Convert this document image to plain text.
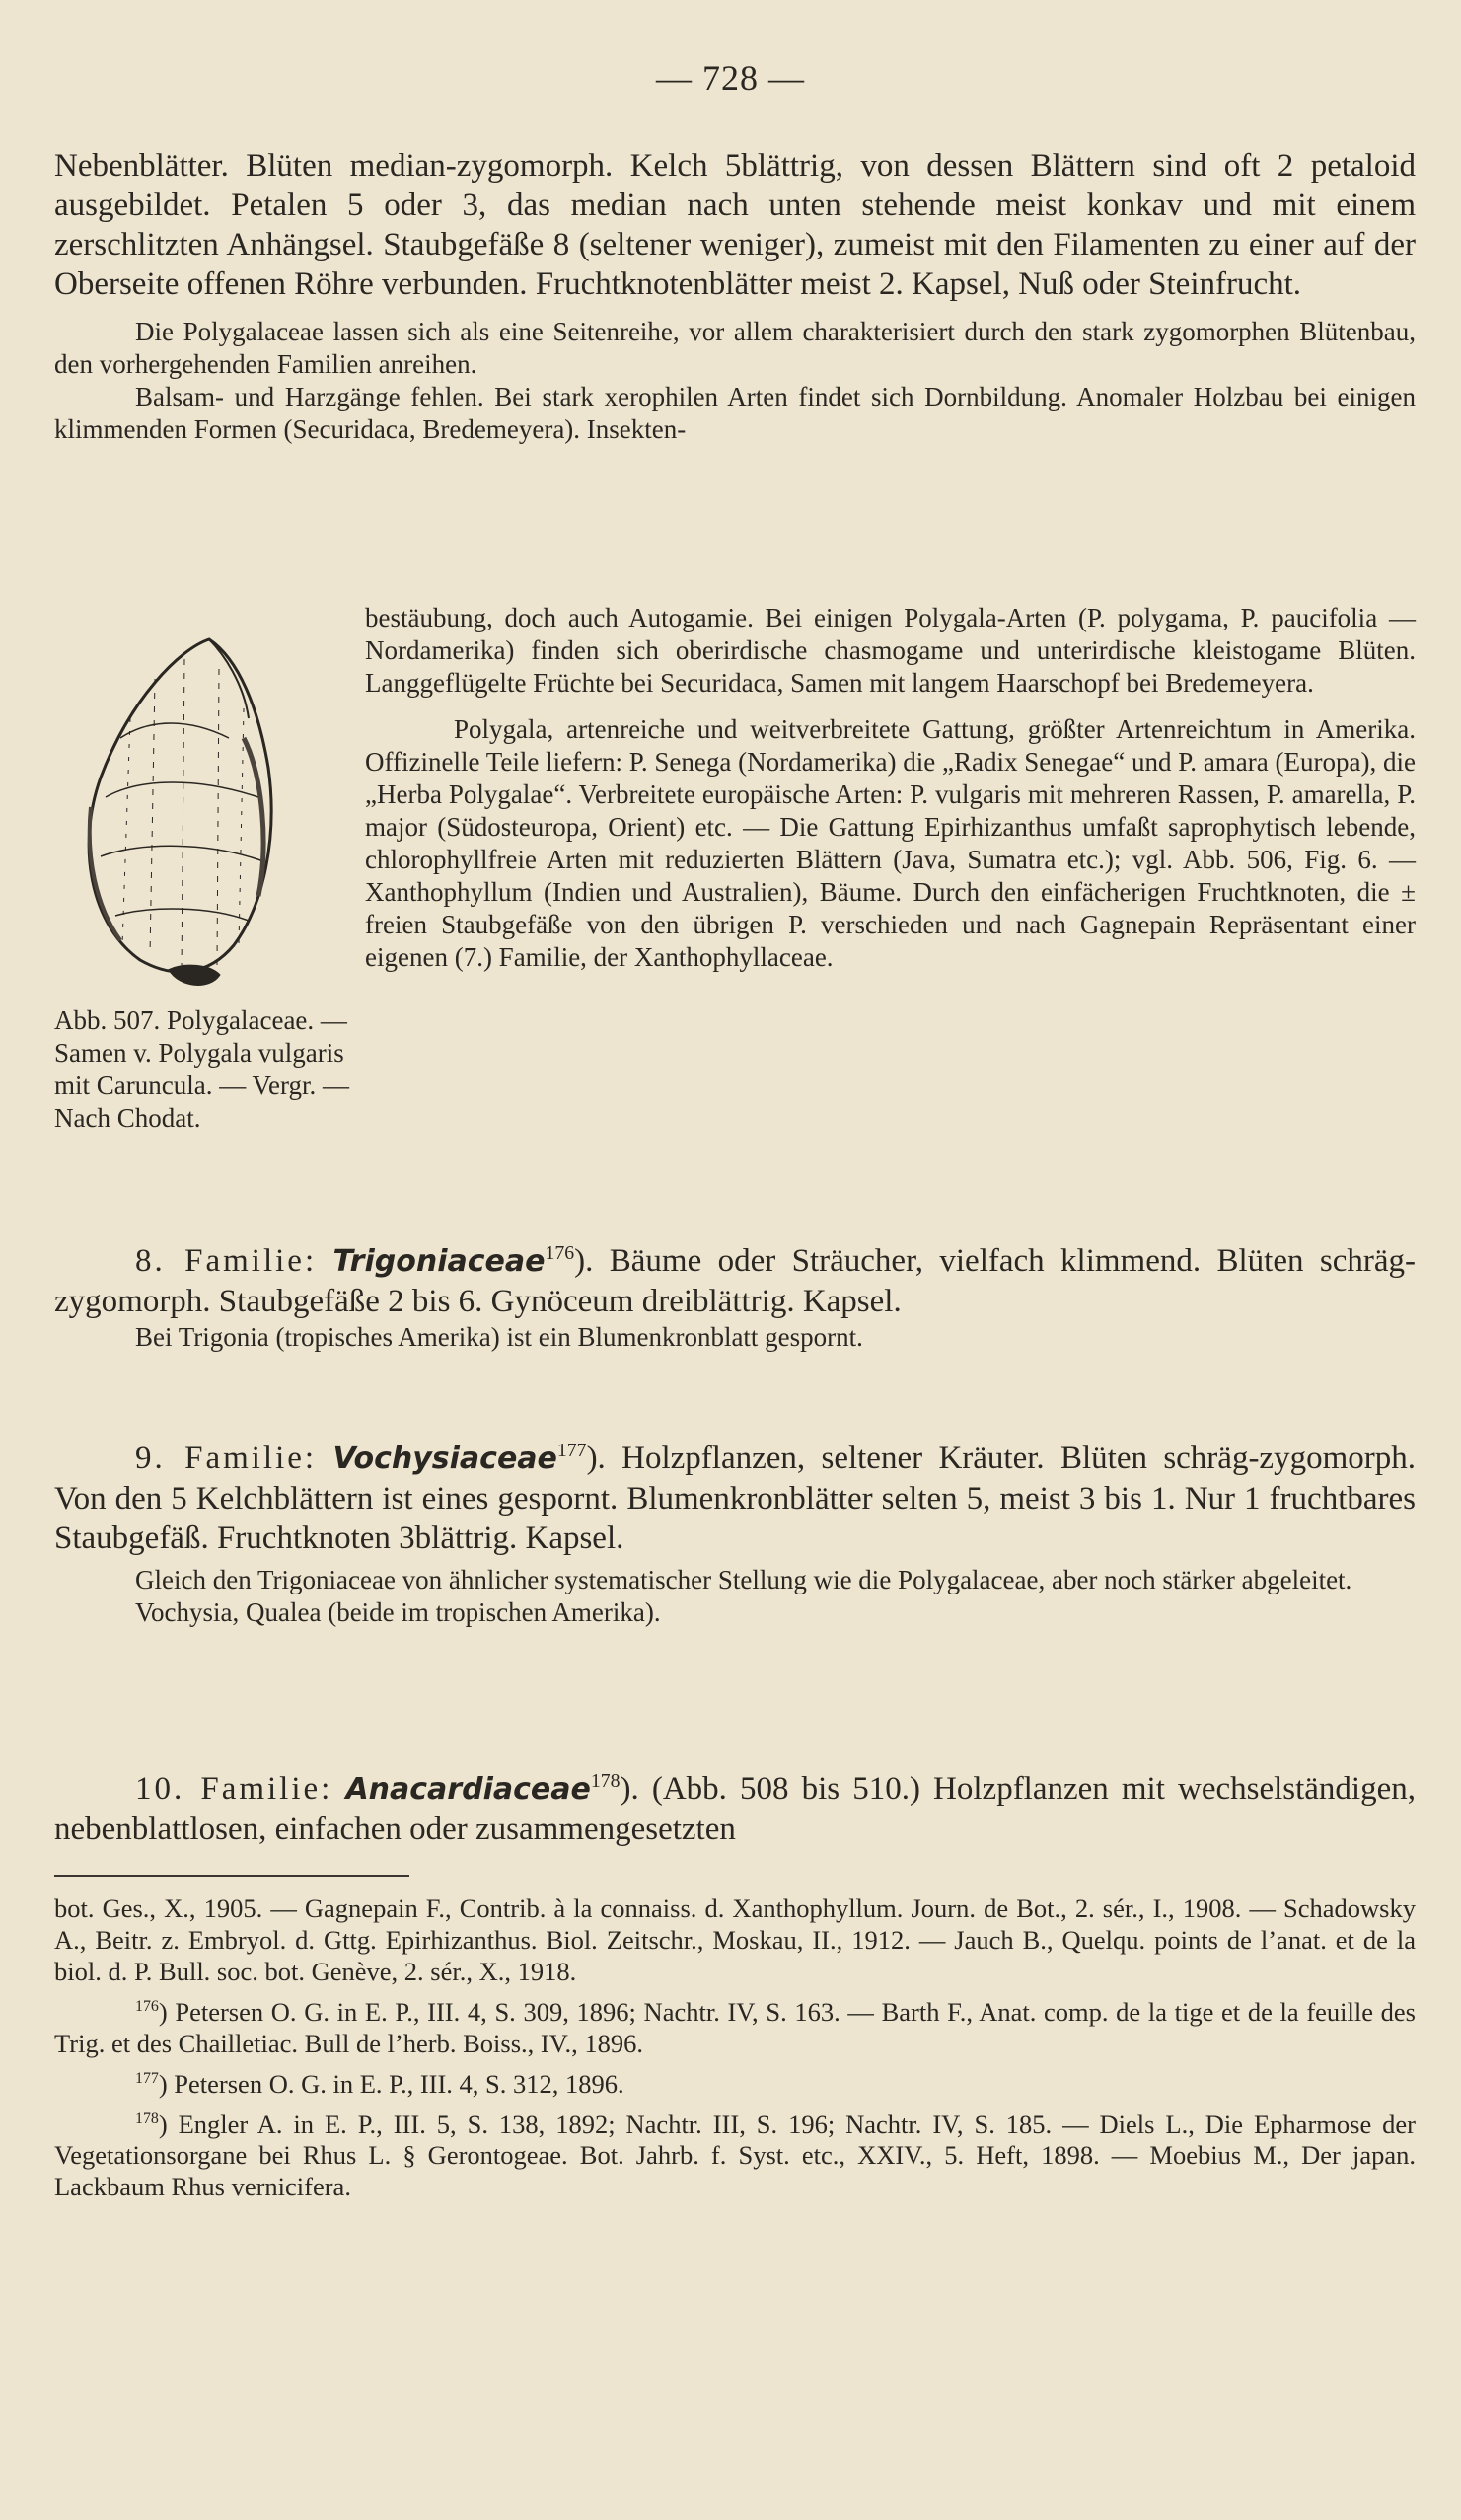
— 728 —

Nebenblätter. Blüten median-zygomorph. Kelch 5blättrig, von dessen Blättern sind oft 2 petaloid ausgebildet. Petalen 5 oder 3, das median nach unten stehende meist konkav und mit einem zerschlitzten Anhängsel. Staubgefäße 8 (seltener weniger), zumeist mit den Filamenten zu einer auf der Oberseite offenen Röhre verbunden. Fruchtknotenblätter meist 2. Kapsel, Nuß oder Steinfrucht.

Die Polygalaceae lassen sich als eine Seitenreihe, vor allem charakterisiert durch den stark zygomorphen Blütenbau, den vorhergehenden Familien anreihen.

Balsam- und Harzgänge fehlen. Bei stark xerophilen Arten findet sich Dornbildung. Anomaler Holzbau bei einigen klimmenden Formen (Securidaca, Bredemeyera). Insekten-

bestäubung, doch auch Autogamie. Bei einigen Polygala-Arten (P. polygama, P. paucifolia — Nordamerika) finden sich oberirdische chasmogame und unterirdische kleistogame Blüten. Langgeflügelte Früchte bei Securidaca, Samen mit langem Haarschopf bei Bredemeyera.

Polygala, artenreiche und weitverbreitete Gattung, größter Artenreichtum in Amerika. Offizinelle Teile liefern: P. Senega (Nordamerika) die „Radix Senegae“ und P. amara (Europa), die „Herba Polygalae“. Verbreitete europäische Arten: P. vulgaris mit mehreren Rassen, P. amarella, P. major (Südosteuropa, Orient) etc. — Die Gattung Epirhizanthus umfaßt saprophytisch lebende, chlorophyllfreie Arten mit reduzierten Blättern (Java, Sumatra etc.); vgl. Abb. 506, Fig. 6. — Xanthophyllum (Indien und Australien), Bäume. Durch den einfächerigen Fruchtknoten, die ± freien Staubgefäße von den übrigen P. verschieden und nach Gagnepain Repräsentant einer eigenen (7.) Familie, der Xanthophyllaceae.

Abb. 507. Polygalaceae. — Samen v. Polygala vulgaris mit Caruncula. — Vergr. — Nach Chodat.

8. Familie: Trigoniaceae$^{176}$). Bäume oder Sträucher, vielfach klimmend. Blüten schräg-zygomorph. Staubgefäße 2 bis 6. Gynöceum dreiblättrig. Kapsel.

Bei Trigonia (tropisches Amerika) ist ein Blumenkronblatt gespornt.

9. Familie: Vochysiaceae$^{177}$). Holzpflanzen, seltener Kräuter. Blüten schräg-zygomorph. Von den 5 Kelchblättern ist eines gespornt. Blumenkronblätter selten 5, meist 3 bis 1. Nur 1 fruchtbares Staubgefäß. Fruchtknoten 3blättrig. Kapsel.

Gleich den Trigoniaceae von ähnlicher systematischer Stellung wie die Polygalaceae, aber noch stärker abgeleitet.

Vochysia, Qualea (beide im tropischen Amerika).

10. Familie: Anacardiaceae$^{178}$). (Abb. 508 bis 510.) Holzpflanzen mit wechselständigen, nebenblattlosen, einfachen oder zusammengesetzten

bot. Ges., X., 1905. — Gagnepain F., Contrib. à la connaiss. d. Xanthophyllum. Journ. de Bot., 2. sér., I., 1908. — Schadowsky A., Beitr. z. Embryol. d. Gttg. Epirhizanthus. Biol. Zeitschr., Moskau, II., 1912. — Jauch B., Quelqu. points de l’anat. et de la biol. d. P. Bull. soc. bot. Genève, 2. sér., X., 1918.

$^{176}$) Petersen O. G. in E. P., III. 4, S. 309, 1896; Nachtr. IV, S. 163. — Barth F., Anat. comp. de la tige et de la feuille des Trig. et des Chailletiac. Bull de l’herb. Boiss., IV., 1896.

$^{177}$) Petersen O. G. in E. P., III. 4, S. 312, 1896.

$^{178}$) Engler A. in E. P., III. 5, S. 138, 1892; Nachtr. III, S. 196; Nachtr. IV, S. 185. — Diels L., Die Epharmose der Vegetationsorgane bei Rhus L. § Gerontogeae. Bot. Jahrb. f. Syst. etc., XXIV., 5. Heft, 1898. — Moebius M., Der japan. Lackbaum Rhus vernicifera.
